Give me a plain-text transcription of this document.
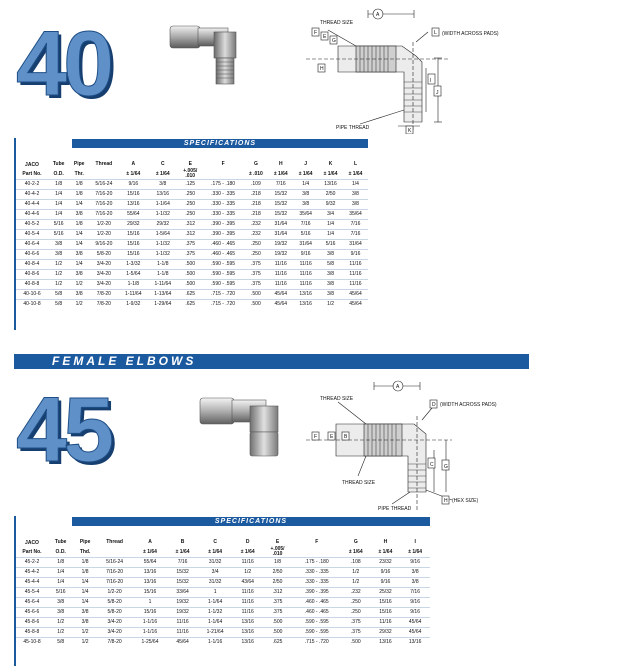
40	A
F
E
G
I
J
K
L
H
THREAD SIZE
(WIDTH ACROSS PADS)
PIPE THREAD
SPECIFICATIONS
JACO
Part No.	Tube	Pipe	Thread	A	C	E	F	G	H	J	K	L
	O.D.	Thr.		± 1/64	± 1/64	+.005/
.010		± .010	± 1/64	± 1/64	± 1/64	± 1/64
40-2-2	1/8	1/8	5/16-24	9/16	3/8	.125	.175 - .180	.109	7/16	1/4	13/16	1/4
40-4-2	1/4	1/8	7/16-20	15/16	13/16	.250	.330 - .335	.218	15/32	3/8	2/50	3/8
40-4-4	1/4	1/4	7/16-20	13/16	1-1/64	.250	.330 - .335	.218	15/32	3/8	9/32	3/8
40-4-6	1/4	3/8	7/16-20	55/64	1-1/32	.250	.330 - .335	.218	15/32	35/64	3/4	35/64
40-5-2	5/16	1/8	1/2-20	29/32	29/32	.312	.390 - .395	.232	31/64	7/16	1/4	7/16
40-5-4	5/16	1/4	1/2-20	15/16	1-5/64	.312	.390 - .395	.232	31/64	5/16	1/4	7/16
40-6-4	3/8	1/4	9/16-20	15/16	1-1/32	.375	.460 - .465	.250	19/32	31/64	5/16	31/64
40-6-6	3/8	3/8	5/8-20	15/16	1-1/32	.375	.460 - .465	.250	19/32	9/16	3/8	9/16
40-8-4	1/2	1/4	3/4-20	1-3/32	1-1/8	.500	.590 - .595	.375	11/16	11/16	5/8	11/16
40-8-6	1/2	3/8	3/4-20	1-5/64	1-1/8	.500	.590 - .595	.375	11/16	11/16	3/8	11/16
40-8-8	1/2	1/2	3/4-20	1-1/8	1-11/64	.500	.590 - .595	.375	11/16	11/16	3/8	11/16
40-10-6	5/8	3/8	7/8-20	1-11/64	1-13/64	.625	.715 - .720	.500	45/64	13/16	3/8	45/64
40-10-8	5/8	1/2	7/8-20	1-9/32	1-29/64	.625	.715 - .720	.500	45/64	13/16	1/2	45/64
FEMALE ELBOWS
45	A
F	E B
D
C G
H
THREAD SIZE
(WIDTH ACROSS PADS)
THREAD SIZE
(HEX SIZE)
PIPE THREAD
SPECIFICATIONS
JACO
Part No.	Tube	Pipe	Thread	A	B	C	D	E	F	G	H	I
	O.D.	Thd.		± 1/64	± 1/64	± 1/64	± 1/64	+.005/
.010		± 1/64	± 1/64	± 1/64
45-2-2	1/8	1/8	5/16-24	55/64	7/16	31/32	11/16	1/8	.175 - .180	.108	23/32	9/16
45-4-2	1/4	1/8	7/16-20	13/16	15/32	3/4	1/2	2/50	.330 - .335	1/2	9/16	3/8
45-4-4	1/4	1/4	7/16-20	13/16	15/32	31/32	43/64	2/50	.330 - .335	1/2	9/16	3/8
45-5-4	5/16	1/4	1/2-20	15/16	33/64	1	11/16	.312	.390 - .395	.232	25/32	7/16
45-6-4	3/8	1/4	5/8-20	1	19/32	1-1/64	11/16	.375	.460 - .465	.250	15/16	9/16
45-6-6	3/8	3/8	5/8-20	15/16	19/32	1-1/32	11/16	.375	.460 - .465	.250	15/16	9/16
45-8-6	1/2	3/8	3/4-20	1-1/16	11/16	1-1/64	13/16	.500	.590 - .595	.375	11/16	45/64
45-8-8	1/2	1/2	3/4-20	1-1/16	11/16	1-21/64	13/16	.500	.590 - .595	.375	29/32	45/64
45-10-8	5/8	1/2	7/8-20	1-25/64	45/64	1-1/16	13/16	.625	.715 - .720	.500	13/16	13/16
